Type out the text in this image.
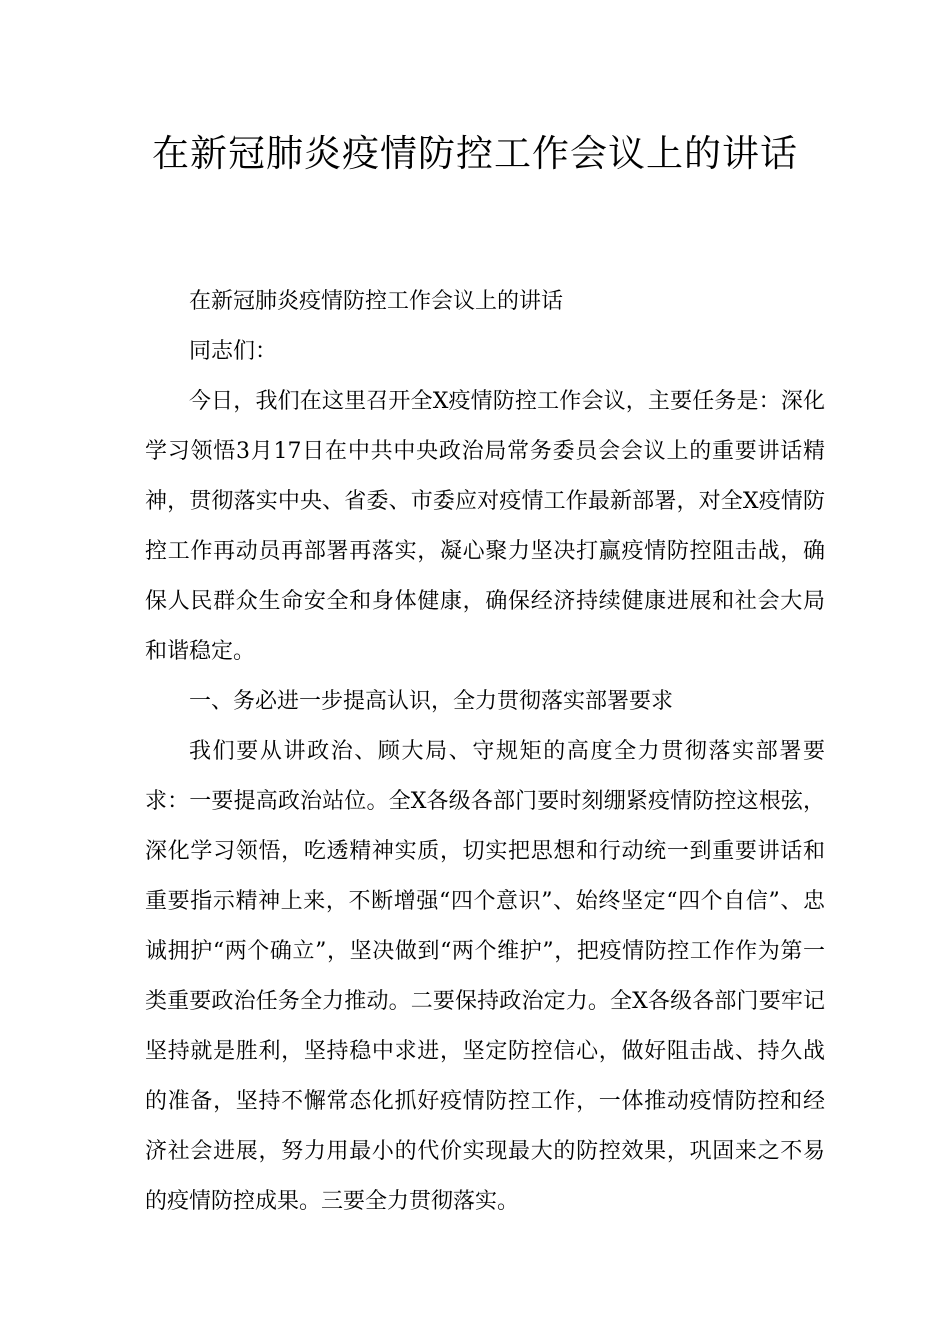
在新冠肺炎疫情防控工作会议上的讲话

在新冠肺炎疫情防控工作会议上的讲话

同志们：

今日，我们在这里召开全X疫情防控工作会议，主要任务是：深化学习领悟3月17日在中共中央政治局常务委员会会议上的重要讲话精神，贯彻落实中央、省委、市委应对疫情工作最新部署，对全X疫情防控工作再动员再部署再落实，凝心聚力坚决打赢疫情防控阻击战，确保人民群众生命安全和身体健康，确保经济持续健康进展和社会大局和谐稳定。

一、务必进一步提高认识，全力贯彻落实部署要求

我们要从讲政治、顾大局、守规矩的高度全力贯彻落实部署要求：一要提高政治站位。全X各级各部门要时刻绷紧疫情防控这根弦，深化学习领悟，吃透精神实质，切实把思想和行动统一到重要讲话和重要指示精神上来，不断增强“四个意识”、始终坚定“四个自信”、忠诚拥护“两个确立”，坚决做到“两个维护”，把疫情防控工作作为第一类重要政治任务全力推动。二要保持政治定力。全X各级各部门要牢记坚持就是胜利，坚持稳中求进，坚定防控信心，做好阻击战、持久战的准备，坚持不懈常态化抓好疫情防控工作，一体推动疫情防控和经济社会进展，努力用最小的代价实现最大的防控效果，巩固来之不易的疫情防控成果。三要全力贯彻落实。
